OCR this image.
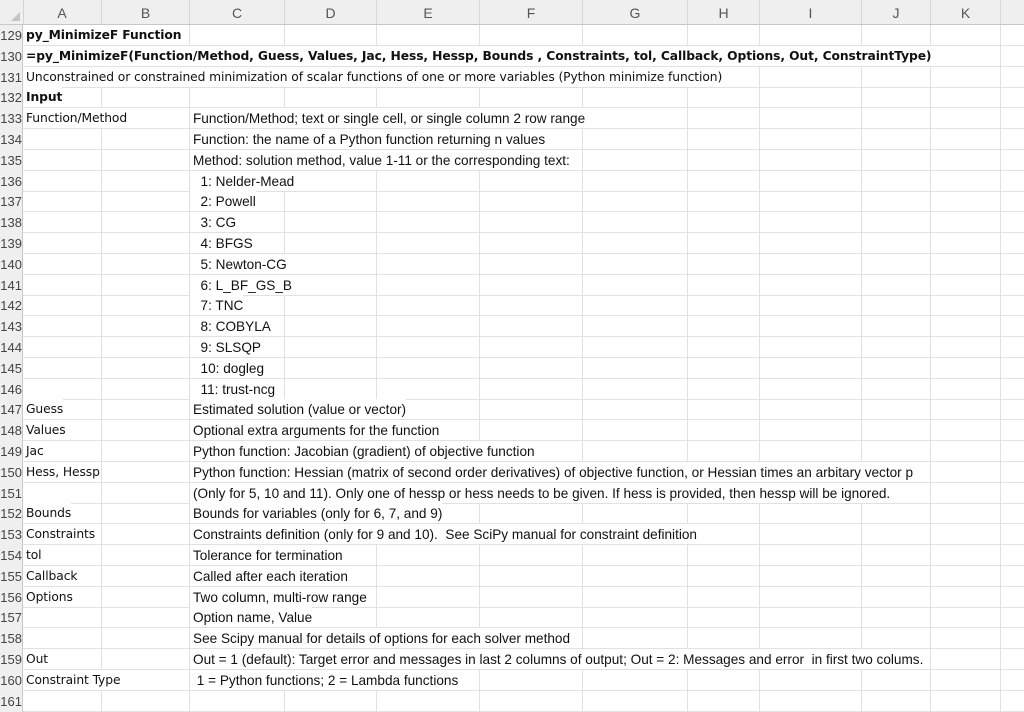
A	B	C	D	E	F	G	H	I	J	K
129 py_MinimizeF Function
130 =py_MinimizeF(Function/Method, Guess, Values, Jac, Hess, Hessp, Bounds , Constraints, tol, Callback, Options, Out, ConstraintType)
131 Unconstrained or constrained minimization of scalar functions of one or more variables (Python minimize function)
132 Input
133 Function/Method	Function/Method; text or single cell, or single column 2 row range
134	Function: the name of a Python function returning n values
135	Method: solution method, value 1-11 or the corresponding text:
136	1: Nelder-Mead
137	2: Powell
138	3: CG
139	4: BFGS
140	5: Newton-CG
141	6: L_BF_GS_B
142	7: TNC
143	8: COBYLA
144	9: SLSQP
145	10: dogleg
146	11: trust-ncg
147 Guess	Estimated solution (value or vector)
148 Values	Optional extra arguments for the function
149 Jac	Python function: Jacobian (gradient) of objective function
150 Hess, Hessp	Python function: Hessian (matrix of second order derivatives) of objective function, or Hessian times an arbitary vector p
151	(Only for 5, 10 and 11). Only one of hessp or hess needs to be given. If hess is provided, then hessp will be ignored.
152 Bounds	Bounds for variables (only for 6, 7, and 9)
153 Constraints	Constraints definition (only for 9 and 10).  See SciPy manual for constraint definition
154 tol	Tolerance for termination
155 Callback	Called after each iteration
156 Options	Two column, multi-row range
157	Option name, Value
158	See Scipy manual for details of options for each solver method
159 Out	Out = 1 (default): Target error and messages in last 2 columns of output; Out = 2: Messages and error  in first two colums.
160 Constraint Type	1 = Python functions; 2 = Lambda functions
161
